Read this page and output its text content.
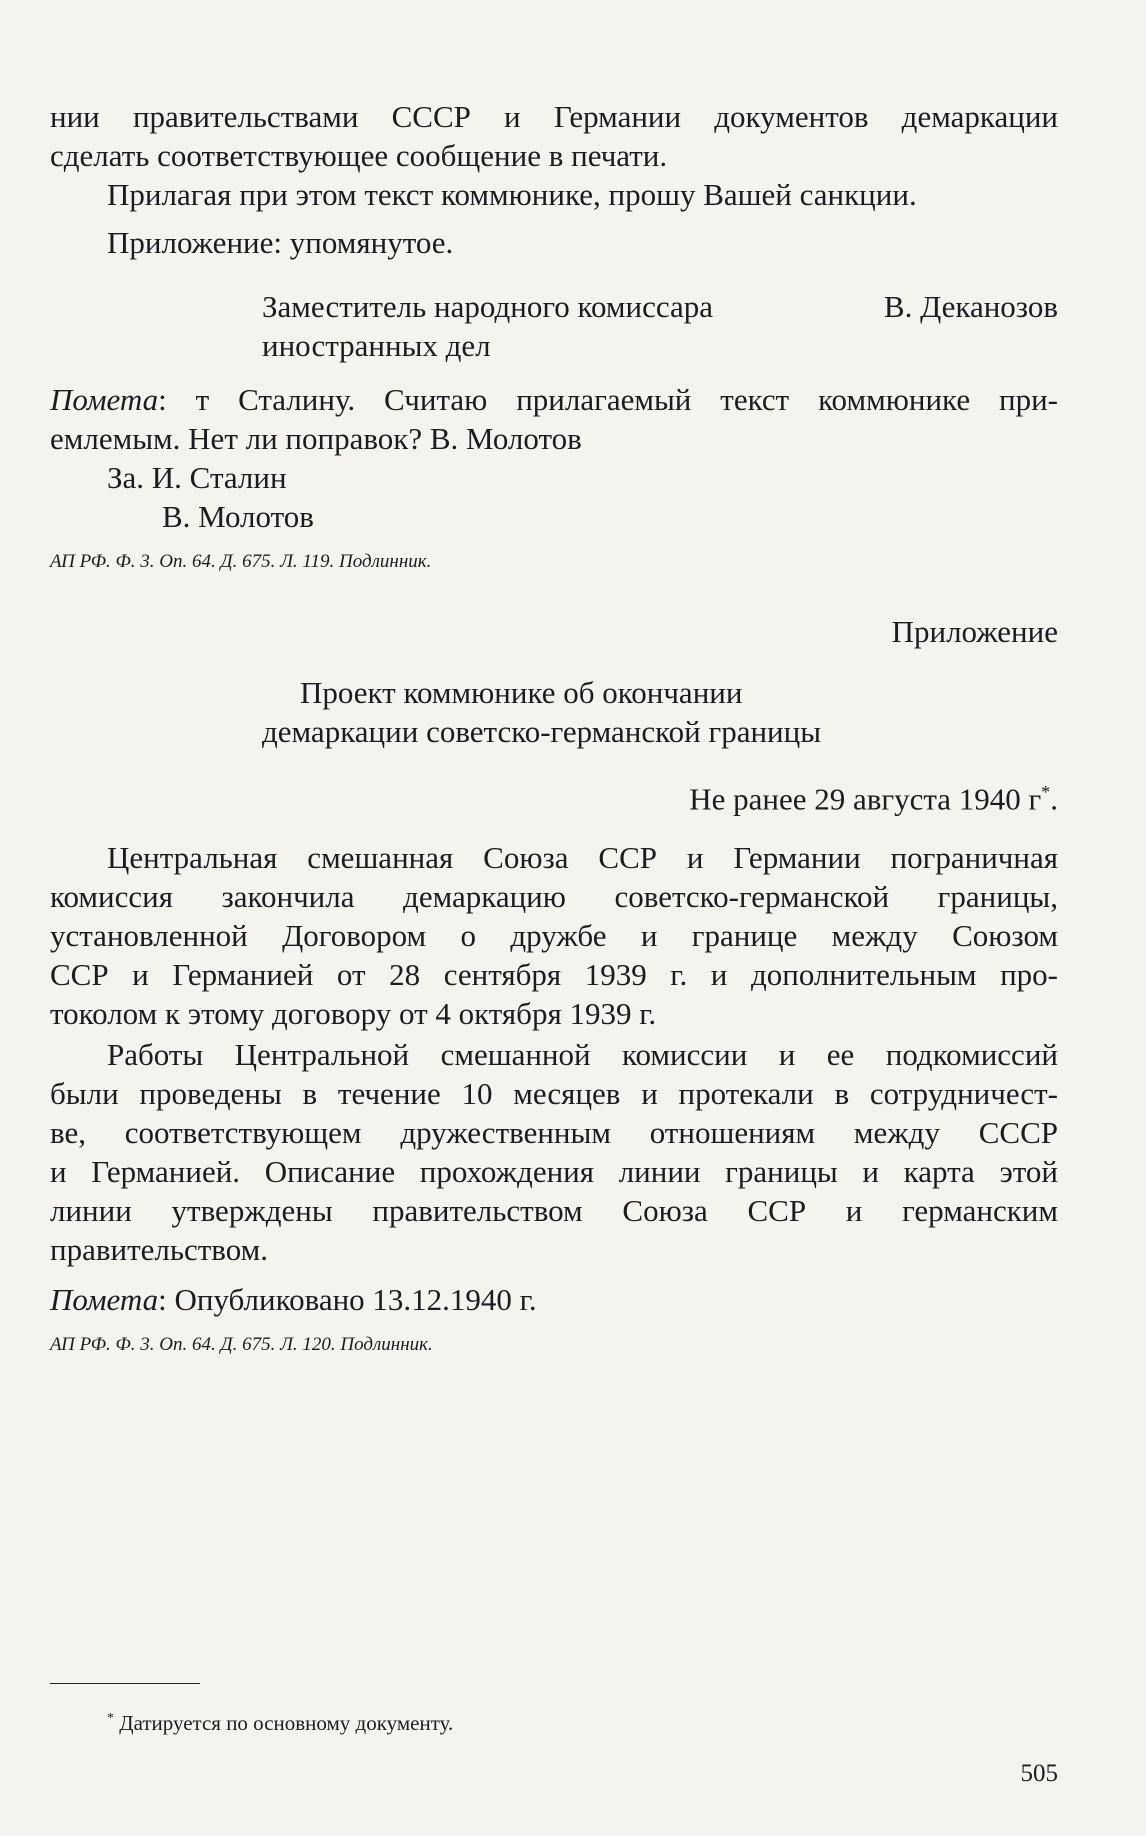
нии правительствами СССР и Германии документов демаркации

сделать соответствующее сообщение в печати.

Прилагая при этом текст коммюнике, прошу Вашей санкции.

Приложение: упомянутое.

Заместитель народного комиссара	В. Деканозов

иностранных дел

Помета: т Сталину. Считаю прилагаемый текст коммюнике при-

емлемым. Нет ли поправок? В. Молотов

За. И. Сталин

В. Молотов

АП РФ. Ф. 3. Оп. 64. Д. 675. Л. 119. Подлинник.

Приложение

Проект коммюнике об окончании

демаркации советско-германской границы

Не ранее 29 августа 1940 г*.

Центральная смешанная Союза ССР и Германии пограничная

комиссия закончила демаркацию советско-германской границы,

установленной Договором о дружбе и границе между Союзом

ССР и Германией от 28 сентября 1939 г. и дополнительным про-

токолом к этому договору от 4 октября 1939 г.

Работы Центральной смешанной комиссии и ее подкомиссий

были проведены в течение 10 месяцев и протекали в сотрудничест-

ве, соответствующем дружественным отношениям между СССР

и Германией. Описание прохождения линии границы и карта этой

линии утверждены правительством Союза ССР и германским

правительством.

Помета: Опубликовано 13.12.1940 г.

АП РФ. Ф. 3. Оп. 64. Д. 675. Л. 120. Подлинник.

* Датируется по основному документу.

505
